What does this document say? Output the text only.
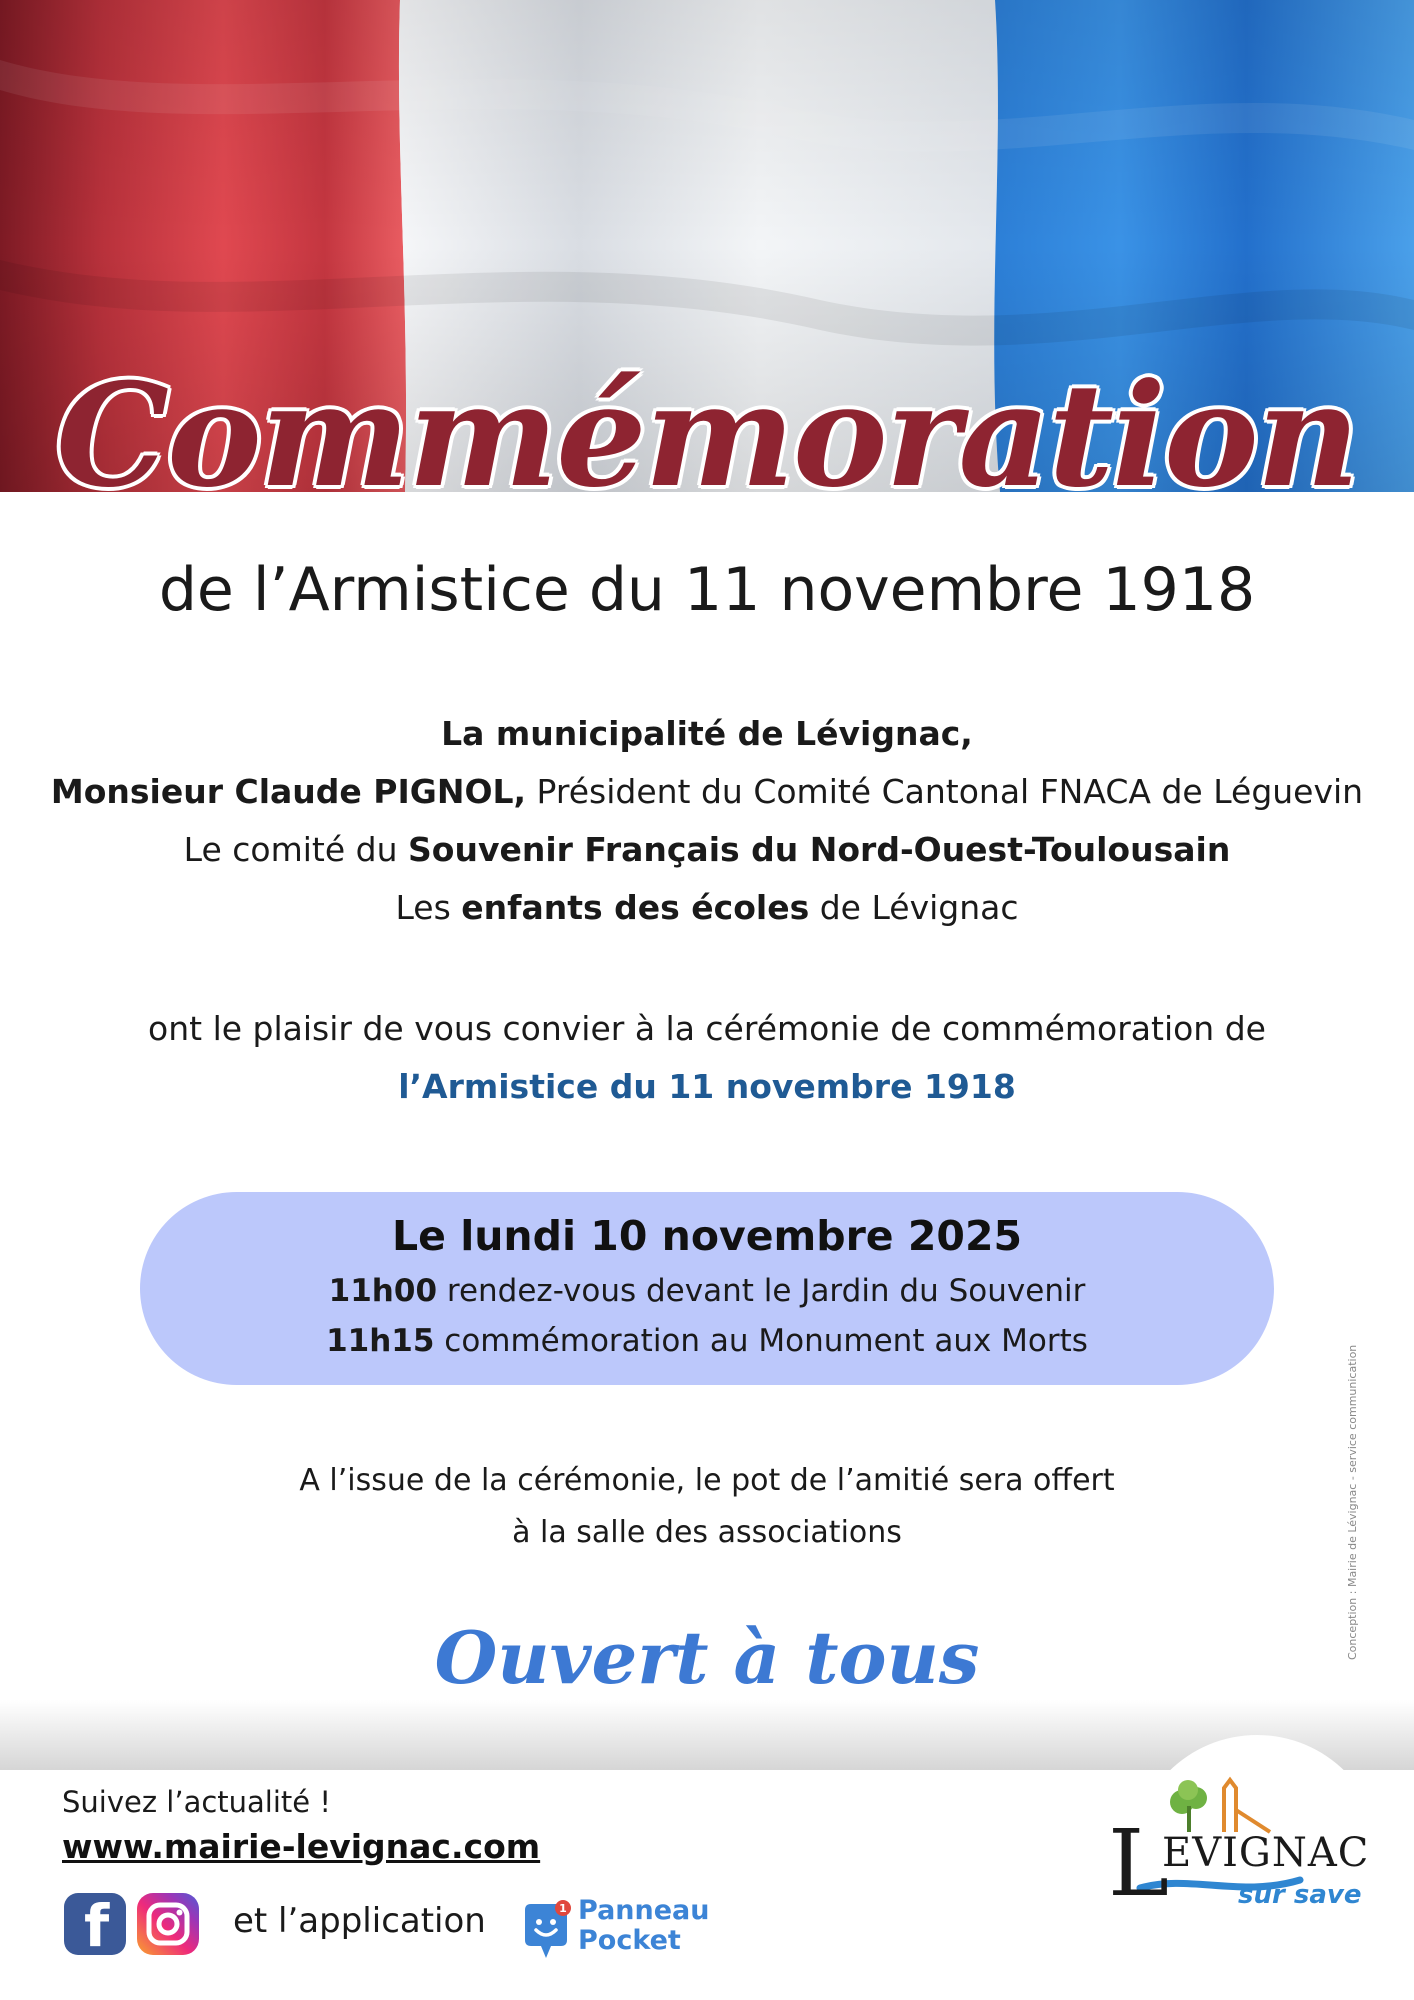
Commémoration
de l’Armistice du 11 novembre 1918
La municipalité de Lévignac,
Monsieur Claude PIGNOL, Président du Comité Cantonal FNACA de Léguevin
Le comité du Souvenir Français du Nord-Ouest-Toulousain
Les enfants des écoles de Lévignac
ont le plaisir de vous convier à la cérémonie de commémoration de
l’Armistice du 11 novembre 1918
Le lundi 10 novembre 2025
11h00 rendez-vous devant le Jardin du Souvenir
11h15 commémoration au Monument aux Morts
A l’issue de la cérémonie, le pot de l’amitié sera offert
à la salle des associations
Ouvert à tous	Conception : Mairie de Lévignac - service communication
Suivez l’actualité !
www.mairie-levignac.com
f	et l’application	1 Panneau
Pocket
L
EVIGNAC
sur save
